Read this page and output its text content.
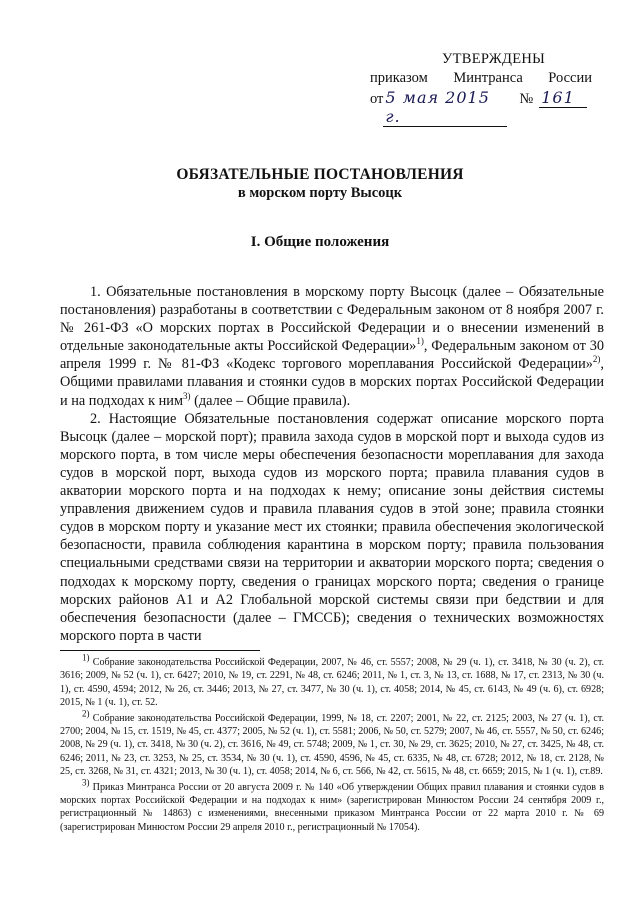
УТВЕРЖДЕНЫ
приказом Минтранса России
от 5 мая 2015 г.
№ 161
ОБЯЗАТЕЛЬНЫЕ ПОСТАНОВЛЕНИЯ
в морском порту Высоцк
I. Общие положения

1. Обязательные постановления в морскому порту Высоцк (далее – Обязательные постановления) разработаны в соответствии с Федеральным законом от 8 ноября 2007 г. № 261-ФЗ «О морских портах в Российской Федерации и о внесении изменений в отдельные законодательные акты Российской Федерации»$^{1)}$, Федеральным законом от 30 апреля 1999 г. № 81-ФЗ «Кодекс торгового мореплавания Российской Федерации»$^{2)}$, Общими правилами плавания и стоянки судов в морских портах Российской Федерации и на подходах к ним$^{3)}$ (далее – Общие правила).

2. Настоящие Обязательные постановления содержат описание морского порта Высоцк (далее – морской порт); правила захода судов в морской порт и выхода судов из морского порта, в том числе меры обеспечения безопасности мореплавания для захода судов в морской порт, выхода судов из морского порта; правила плавания судов в акватории морского порта и на подходах к нему; описание зоны действия системы управления движением судов и правила плавания судов в этой зоне; правила стоянки судов в морском порту и указание мест их стоянки; правила обеспечения экологической безопасности, правила соблюдения карантина в морском порту; правила пользования специальными средствами связи на территории и акватории морского порта; сведения о подходах к морскому порту, сведения о границах морского порта; сведения о границе морских районов А1 и А2 Глобальной морской системы связи при бедствии и для обеспечения безопасности (далее – ГМССБ); сведения о технических возможностях морского порта в части

$^{1)}$ Собрание законодательства Российской Федерации, 2007, № 46, ст. 5557; 2008, № 29 (ч. 1), ст. 3418, № 30 (ч. 2), ст. 3616; 2009, № 52 (ч. 1), ст. 6427; 2010, № 19, ст. 2291, № 48, ст. 6246; 2011, № 1, ст. 3, № 13, ст. 1688, № 17, ст. 2313, № 30 (ч. 1), ст. 4590, 4594; 2012, № 26, ст. 3446; 2013, № 27, ст. 3477, № 30 (ч. 1), ст. 4058; 2014, № 45, ст. 6143, № 49 (ч. 6), ст. 6928; 2015, № 1 (ч. 1), ст. 52.

$^{2)}$ Собрание законодательства Российской Федерации, 1999, № 18, ст. 2207; 2001, № 22, ст. 2125; 2003, № 27 (ч. 1), ст. 2700; 2004, № 15, ст. 1519, № 45, ст. 4377; 2005, № 52 (ч. 1), ст. 5581; 2006, № 50, ст. 5279; 2007, № 46, ст. 5557, № 50, ст. 6246; 2008, № 29 (ч. 1), ст. 3418, № 30 (ч. 2), ст. 3616, № 49, ст. 5748; 2009, № 1, ст. 30, № 29, ст. 3625; 2010, № 27, ст. 3425, № 48, ст. 6246; 2011, № 23, ст. 3253, № 25, ст. 3534, № 30 (ч. 1), ст. 4590, 4596, № 45, ст. 6335, № 48, ст. 6728; 2012, № 18, ст. 2128, № 25, ст. 3268, № 31, ст. 4321; 2013, № 30 (ч. 1), ст. 4058; 2014, № 6, ст. 566, № 42, ст. 5615, № 48, ст. 6659; 2015, № 1 (ч. 1), ст.89.

$^{3)}$ Приказ Минтранса России от 20 августа 2009 г. № 140 «Об утверждении Общих правил плавания и стоянки судов в морских портах Российской Федерации и на подходах к ним» (зарегистрирован Минюстом России 24 сентября 2009 г., регистрационный № 14863) с изменениями, внесенными приказом Минтранса России от 22 марта 2010 г. № 69 (зарегистрирован Минюстом России 29 апреля 2010 г., регистрационный № 17054).
